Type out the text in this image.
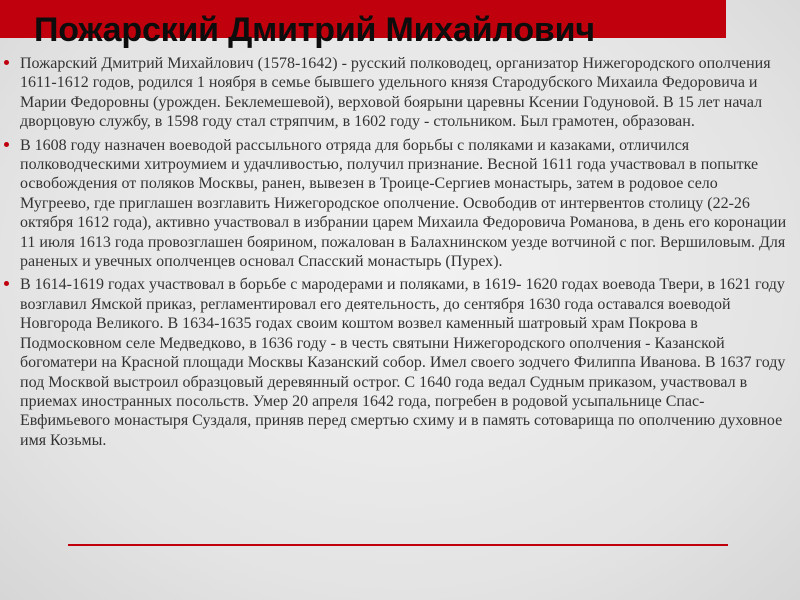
Пожарский Дмитрий Михайлович

Пожарский Дмитрий Михайлович (1578-1642) - русский полководец, организатор Нижегородского ополчения 1611-1612 годов, родился 1 ноября в семье бывшего удельного князя Стародубского Михаила Федоровича и Марии Федоровны (урожден. Беклемешевой), верховой боярыни царевны Ксении Годуновой. В 15 лет начал дворцовую службу, в 1598 году стал стряпчим, в 1602 году - стольником. Был грамотен, образован.

В 1608 году назначен воеводой рассыльного отряда для борьбы с поляками и казаками, отличился полководческими хитроумием и удачливостью, получил признание. Весной 1611 года участвовал в попытке освобождения от поляков Москвы, ранен, вывезен в Троице-Сергиев монастырь, затем в родовое село Мугреево, где приглашен возглавить Нижегородское ополчение. Освободив от интервентов столицу (22-26 октября 1612 года), активно участвовал в избрании царем Михаила Федоровича Романова, в день его коронации 11 июля 1613 года провозглашен боярином, пожалован в Балахнинском уезде вотчиной с пог. Вершиловым. Для раненых и увечных ополченцев основал Спасский монастырь (Пурех).

В 1614-1619 годах участвовал в борьбе с мародерами и поляками, в 1619- 1620 годах воевода Твери, в 1621 году возглавил Ямской приказ, регламентировал его деятельность, до сентября 1630 года оставался воеводой Новгорода Великого. В 1634-1635 годах своим коштом возвел каменный шатровый храм Покрова в Подмосковном селе Медведково, в 1636 году - в честь святыни Нижегородского ополчения - Казанской богоматери на Красной площади Москвы Казанский собор. Имел своего зодчего Филиппа Иванова. В 1637 году под Москвой выстроил образцовый деревянный острог. С 1640 года ведал Судным приказом, участвовал в приемах иностранных посольств. Умер 20 апреля 1642 года, погребен в родовой усыпальнице Спас- Евфимьевого монастыря Суздаля, приняв перед смертью схиму и в память сотоварища по ополчению духовное имя Козьмы.
